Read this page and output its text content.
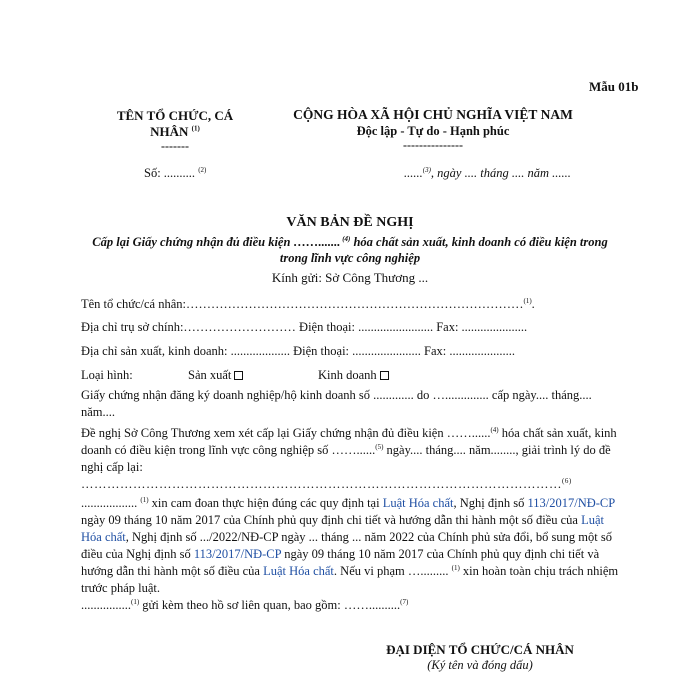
Mẫu 01b
TÊN TỔ CHỨC, CÁ
NHÂN $^{(1)}$
-------
CỘNG HÒA XÃ HỘI CHỦ NGHĨA VIỆT NAM
Độc lập - Tự do - Hạnh phúc
---------------
Số: .......... $^{(2)}$	......$^{(3)}$, ngày .... tháng .... năm ......
VĂN BẢN ĐỀ NGHỊ
Cấp lại Giấy chứng nhận đủ điều kiện ……....... $^{(4)}$ hóa chất sản xuất, kinh doanh có điều kiện trong trong lĩnh vực công nghiệp
Kính gửi: Sở Công Thương ...
Tên tổ chức/cá nhân:………………………………………………………………………$^{(1)}$.
Địa chỉ trụ sở chính:……………………… Điện thoại: ........................ Fax: .....................
Địa chỉ sản xuất, kinh doanh: ................... Điện thoại: ...................... Fax: .....................
Loại hình:	Sản xuất	Kinh doanh
Giấy chứng nhận đăng ký doanh nghiệp/hộ kinh doanh số ............. do ….............. cấp ngày.... tháng.... năm....
Đề nghị Sở Công Thương xem xét cấp lại Giấy chứng nhận đủ điều kiện ……......$^{(4)}$ hóa chất sản xuất, kinh doanh có điều kiện trong lĩnh vực công nghiệp số ……......$^{(5)}$ ngày.... tháng.... năm........, giải trình lý do đề nghị cấp lại:
…………………………………………………………………………………………………$^{(6)}$
.................. $^{(1)}$ xin cam đoan thực hiện đúng các quy định tại Luật Hóa chất, Nghị định số 113/2017/NĐ-CP ngày 09 tháng 10 năm 2017 của Chính phủ quy định chi tiết và hướng dẫn thi hành một số điều của Luật Hóa chất, Nghị định số .../2022/NĐ-CP ngày ... tháng ... năm 2022 của Chính phủ sửa đổi, bổ sung một số điều của Nghị định số 113/2017/NĐ-CP ngày 09 tháng 10 năm 2017 của Chính phủ quy định chi tiết và hướng dẫn thi hành một số điều của Luật Hóa chất. Nếu vi phạm …......... $^{(1)}$ xin hoàn toàn chịu trách nhiệm trước pháp luật.
................$^{(1)}$ gửi kèm theo hồ sơ liên quan, bao gồm: ……..........$^{(7)}$
ĐẠI DIỆN TỔ CHỨC/CÁ NHÂN
(Ký tên và đóng dấu)
